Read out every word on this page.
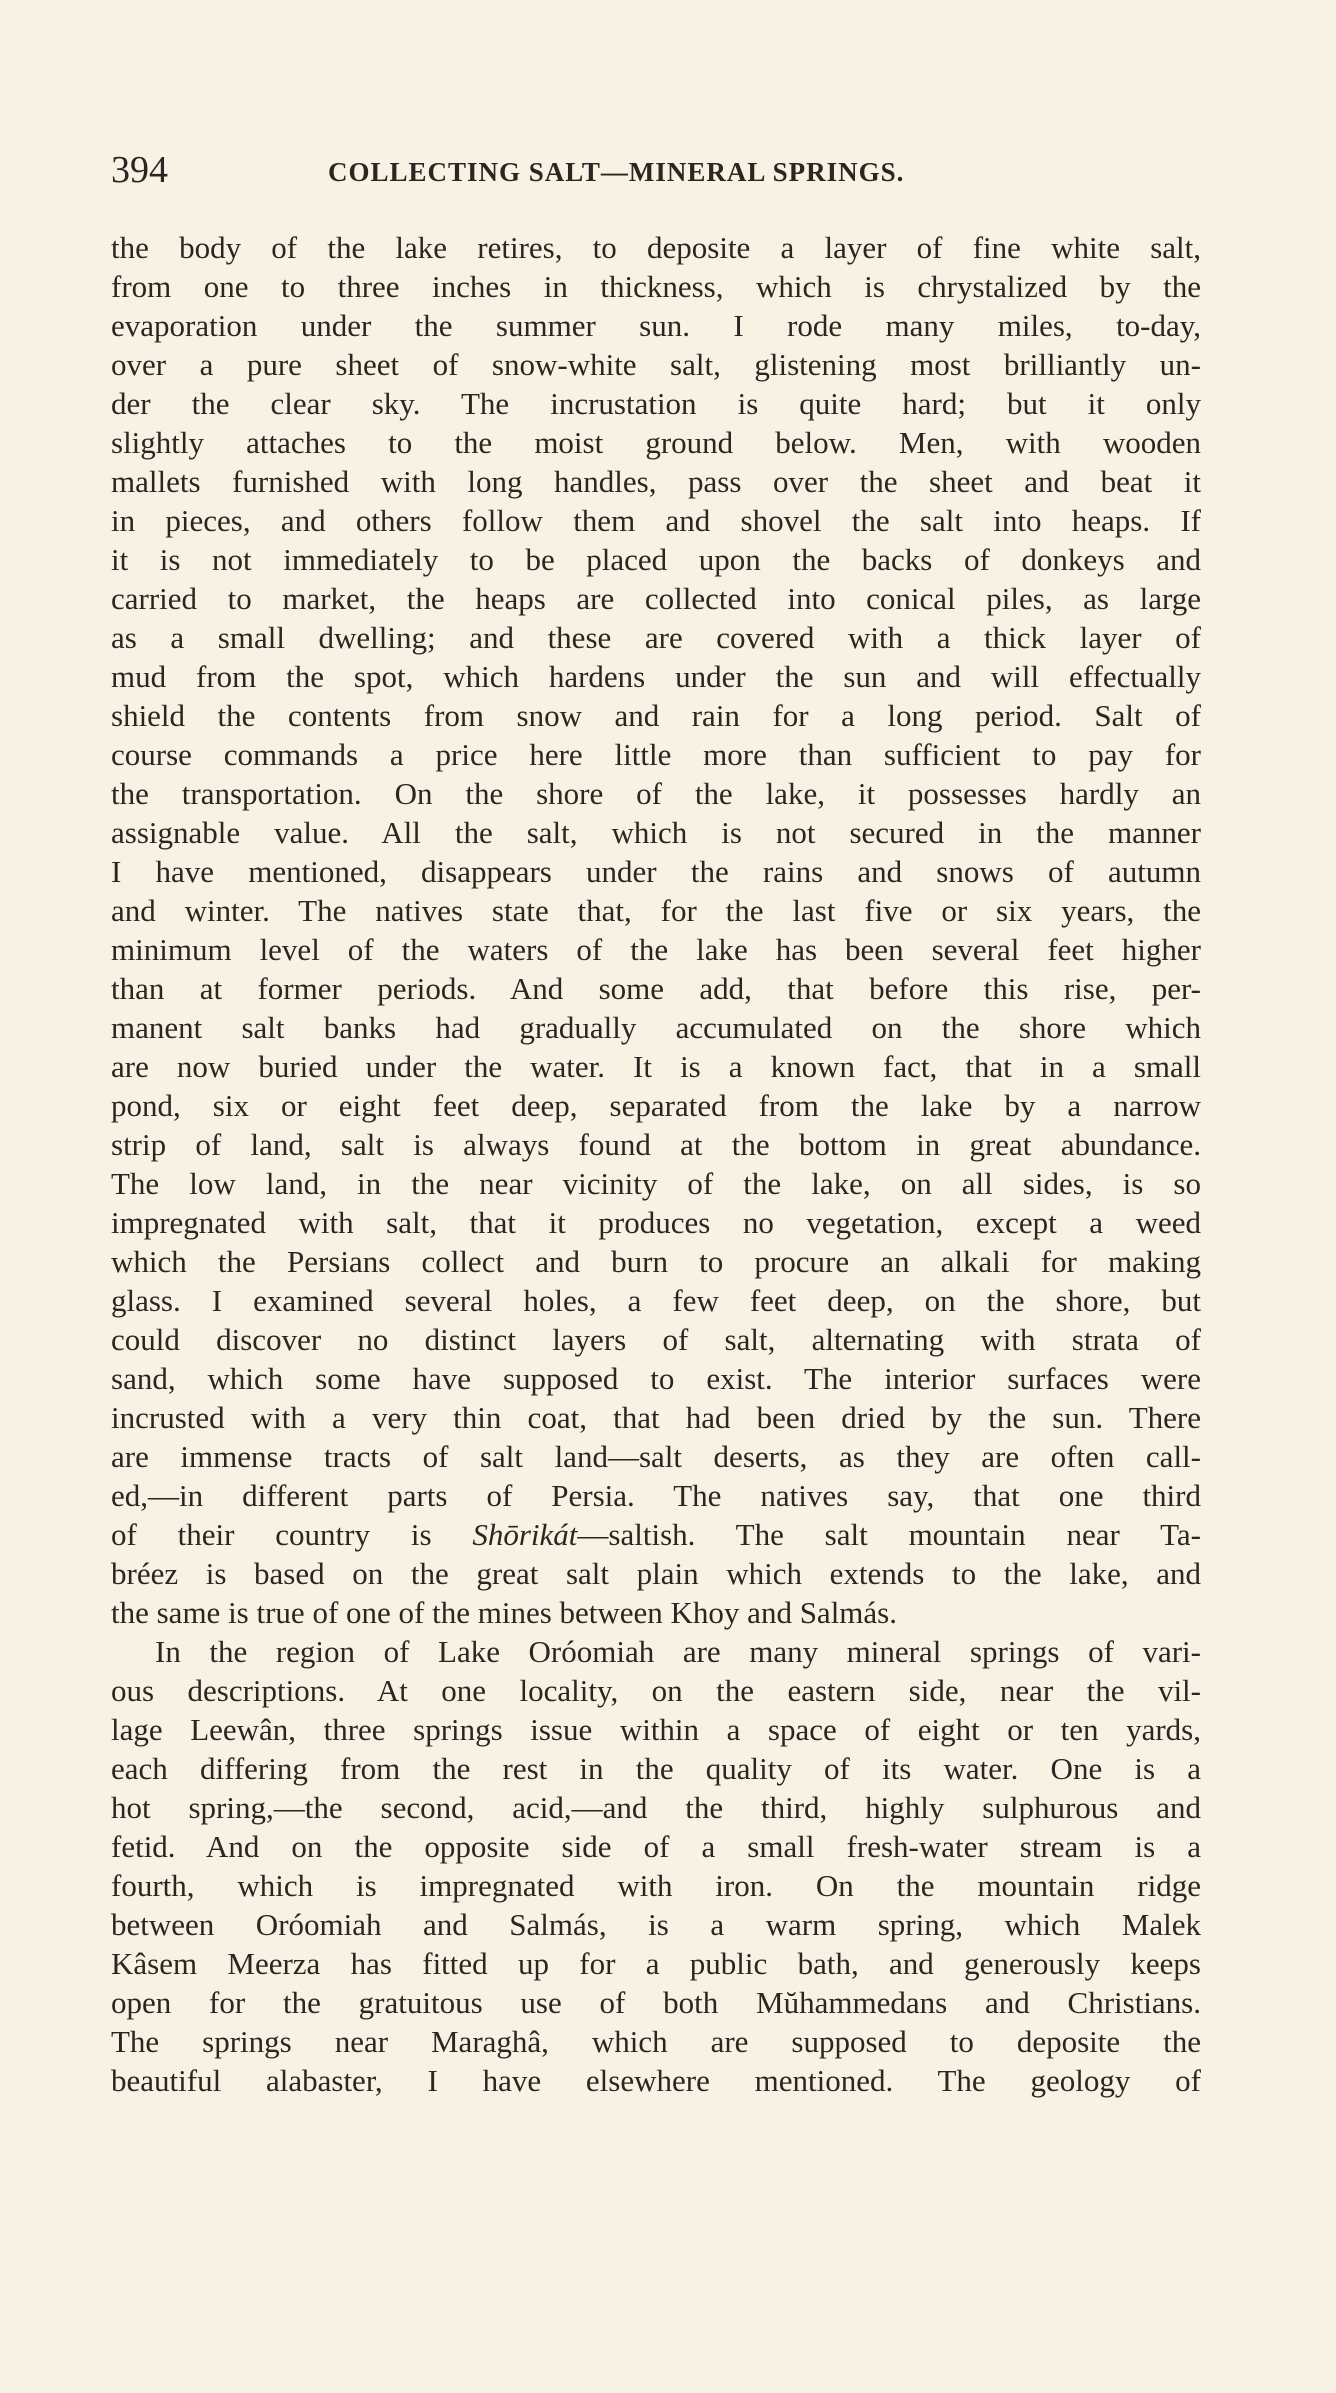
394	COLLECTING SALT—MINERAL SPRINGS.
the body of the lake retires, to deposite a layer of fine white salt,
from one to three inches in thickness, which is chrystalized by the
evaporation under the summer sun. I rode many miles, to-day,
over a pure sheet of snow-white salt, glistening most brilliantly un-
der the clear sky. The incrustation is quite hard; but it only
slightly attaches to the moist ground below. Men, with wooden
mallets furnished with long handles, pass over the sheet and beat it
in pieces, and others follow them and shovel the salt into heaps. If
it is not immediately to be placed upon the backs of donkeys and
carried to market, the heaps are collected into conical piles, as large
as a small dwelling; and these are covered with a thick layer of
mud from the spot, which hardens under the sun and will effectually
shield the contents from snow and rain for a long period. Salt of
course commands a price here little more than sufficient to pay for
the transportation. On the shore of the lake, it possesses hardly an
assignable value. All the salt, which is not secured in the manner
I have mentioned, disappears under the rains and snows of autumn
and winter. The natives state that, for the last five or six years, the
minimum level of the waters of the lake has been several feet higher
than at former periods. And some add, that before this rise, per-
manent salt banks had gradually accumulated on the shore which
are now buried under the water. It is a known fact, that in a small
pond, six or eight feet deep, separated from the lake by a narrow
strip of land, salt is always found at the bottom in great abundance.
The low land, in the near vicinity of the lake, on all sides, is so
impregnated with salt, that it produces no vegetation, except a weed
which the Persians collect and burn to procure an alkali for making
glass. I examined several holes, a few feet deep, on the shore, but
could discover no distinct layers of salt, alternating with strata of
sand, which some have supposed to exist. The interior surfaces were
incrusted with a very thin coat, that had been dried by the sun. There
are immense tracts of salt land—salt deserts, as they are often call-
ed,—in different parts of Persia. The natives say, that one third
of their country is Shōrikát—saltish. The salt mountain near Ta-
bréez is based on the great salt plain which extends to the lake, and
the same is true of one of the mines between Khoy and Salmás.
In the region of Lake Oróomiah are many mineral springs of vari-
ous descriptions. At one locality, on the eastern side, near the vil-
lage Leewân, three springs issue within a space of eight or ten yards,
each differing from the rest in the quality of its water. One is a
hot spring,—the second, acid,—and the third, highly sulphurous and
fetid. And on the opposite side of a small fresh-water stream is a
fourth, which is impregnated with iron. On the mountain ridge
between Oróomiah and Salmás, is a warm spring, which Malek
Kâsem Meerza has fitted up for a public bath, and generously keeps
open for the gratuitous use of both Mŭhammedans and Christians.
The springs near Maraghâ, which are supposed to deposite the
beautiful alabaster, I have elsewhere mentioned. The geology of
